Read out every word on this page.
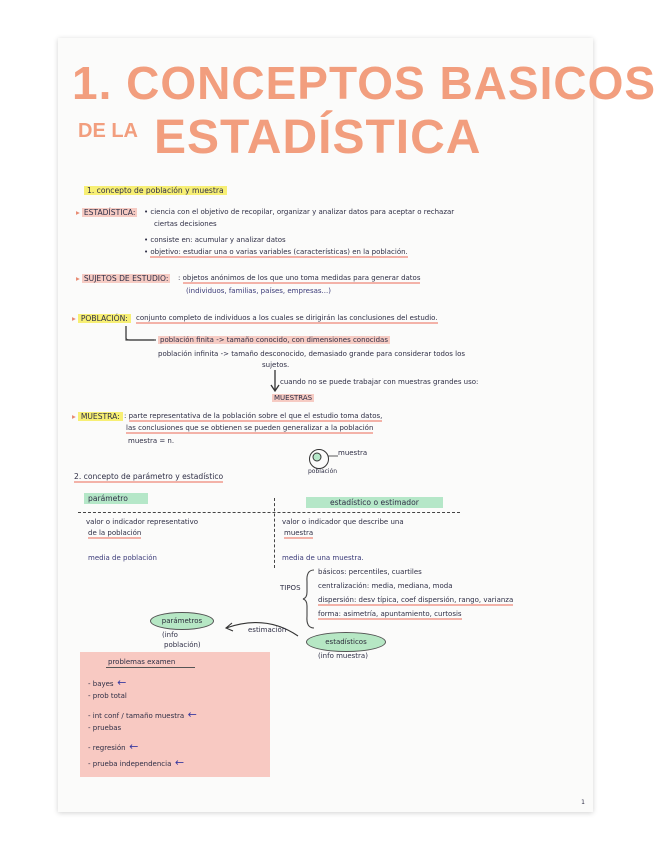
1. CONCEPTOS BASICOS
DE LA ESTADÍSTICA
1. concepto de población y muestra
▸ ESTADÍSTICA: • ciencia con el objetivo de recopilar, organizar y analizar datos para aceptar o rechazar
ciertas decisiones
• consiste en: acumular y analizar datos
• objetivo: estudiar una o varias variables (características) en la población.
▸ SUJETOS DE ESTUDIO: : objetos anónimos de los que uno toma medidas para generar datos
(individuos, familias, países, empresas...)
▸ POBLACIÓN:	conjunto completo de individuos a los cuales se dirigirán las conclusiones del estudio.
población finita -> tamaño conocido, con dimensiones conocidas
población infinita -> tamaño desconocido, demasiado grande para considerar todos los
sujetos.
cuando no se puede trabajar con muestras grandes uso:
MUESTRAS
▸ MUESTRA: : parte representativa de la población sobre el que el estudio toma datos,
las conclusiones que se obtienen se pueden generalizar a la población
muestra = n.
muestra
población
2. concepto de parámetro y estadístico
parámetro	estadístico o estimador
valor o indicador representativo
de la población
media de población
valor o indicador que describe una
muestra
media de una muestra.
TIPOS
básicos: percentiles, cuartiles
centralización: media, mediana, moda
dispersión: desv típica, coef dispersión, rango, varianza
forma: asimetría, apuntamiento, curtosis
parámetros
(info
población)
estimación
estadísticos
(info muestra)
problemas examen
- bayes ←
- prob total
- int conf / tamaño muestra ←
- pruebas
- regresión ←
- prueba independencia ←
1
